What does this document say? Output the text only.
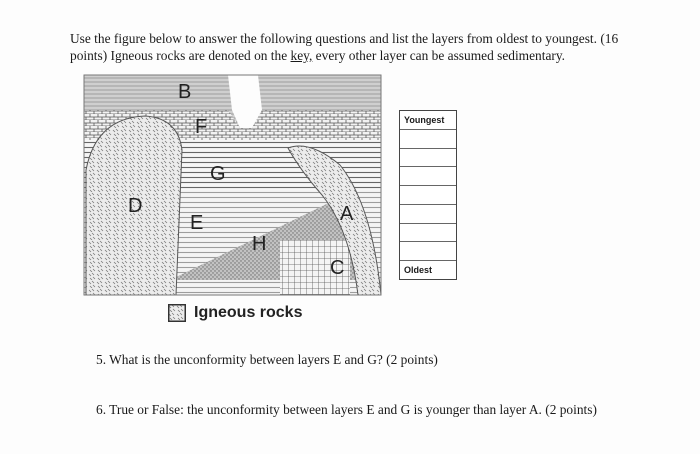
Use the figure below to answer the following questions and list the layers from oldest to youngest. (16
points) Igneous rocks are denoted on the key, every other layer can be assumed sedimentary.
B
F
G
D
E
H
A
C
Youngest
Oldest
Igneous rocks
5. What is the unconformity between layers E and G? (2 points)
6. True or False: the unconformity between layers E and G is younger than layer A. (2 points)
